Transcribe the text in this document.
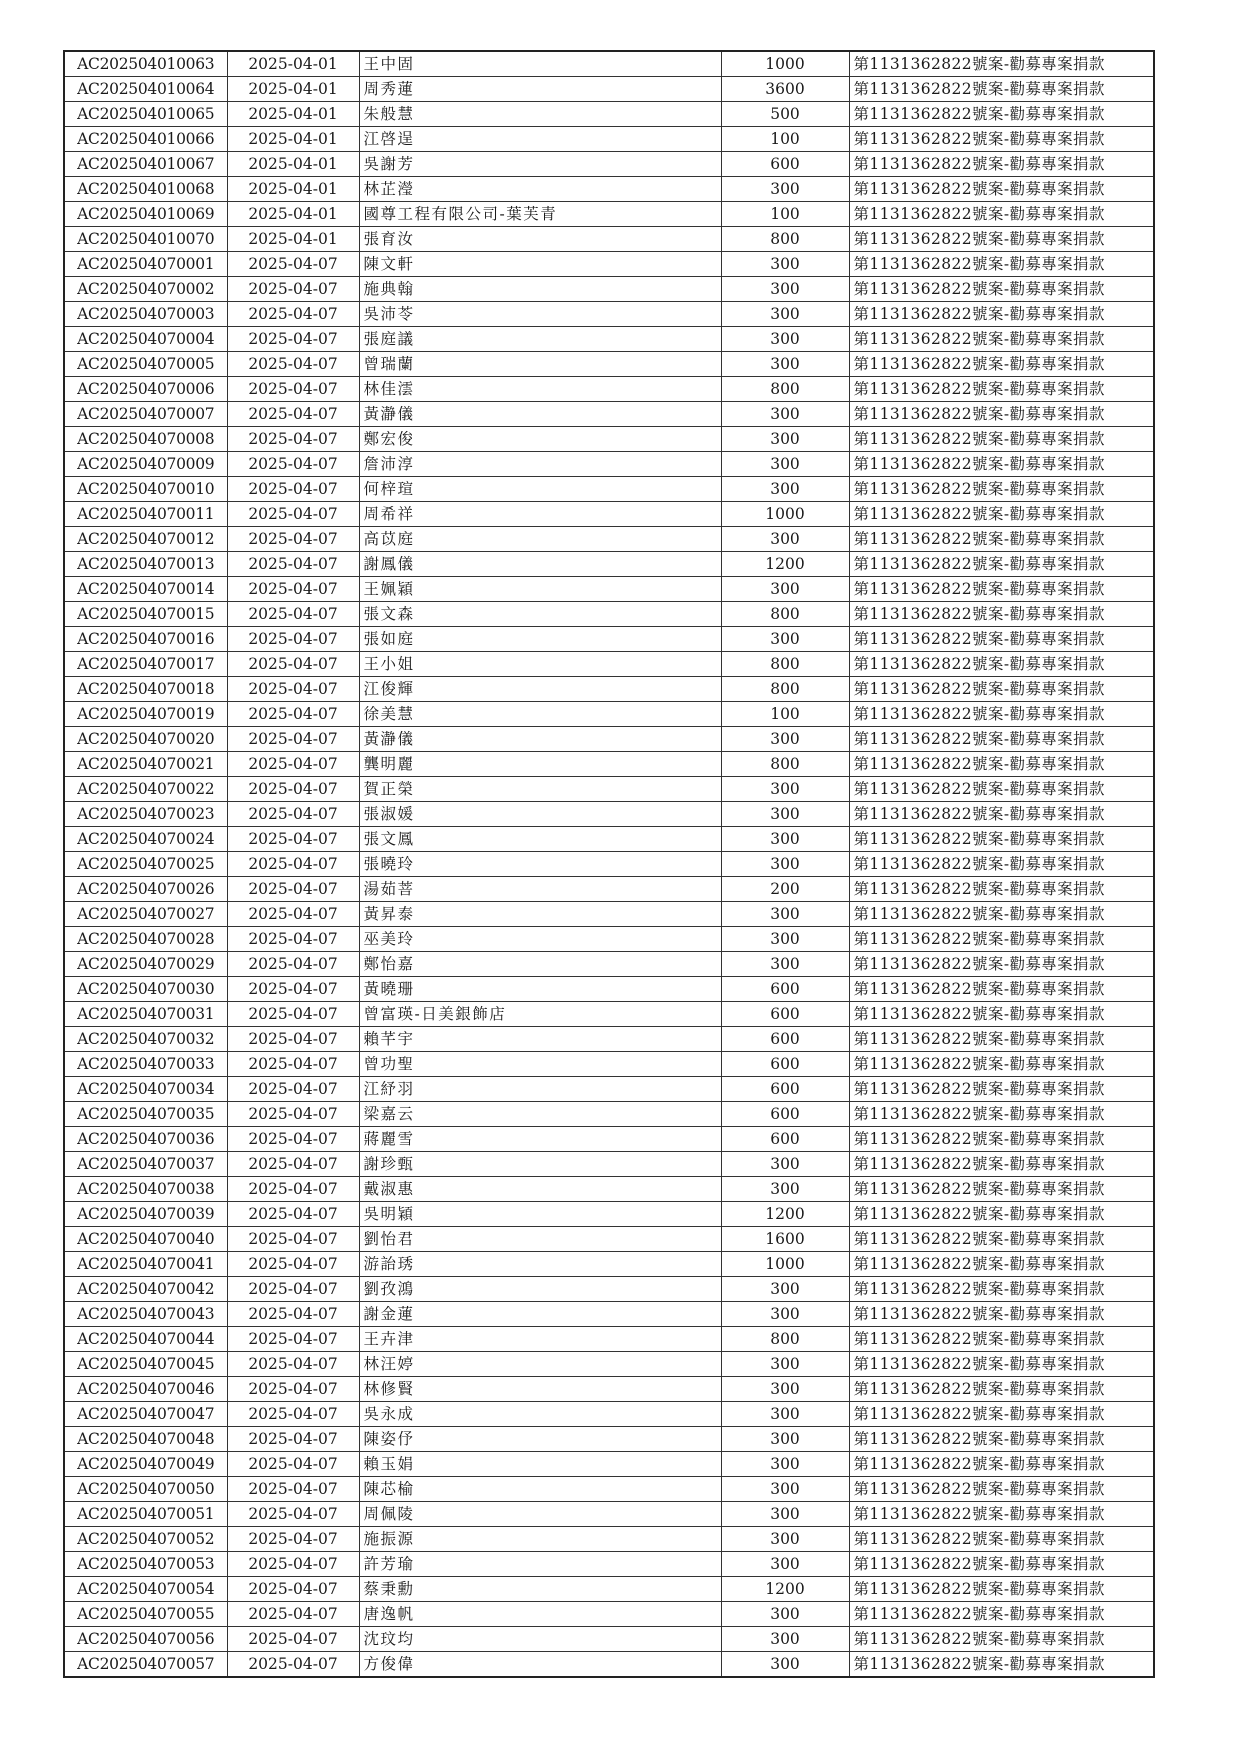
AC202504010063	2025-04-01	王中固	1000	第1131362822號案-勸募專案捐款
AC202504010064	2025-04-01	周秀蓮	3600	第1131362822號案-勸募專案捐款
AC202504010065	2025-04-01	朱般慧	500	第1131362822號案-勸募專案捐款
AC202504010066	2025-04-01	江啓逞	100	第1131362822號案-勸募專案捐款
AC202504010067	2025-04-01	吳謝芳	600	第1131362822號案-勸募專案捐款
AC202504010068	2025-04-01	林芷瀅	300	第1131362822號案-勸募專案捐款
AC202504010069	2025-04-01	國尊工程有限公司-葉芙青	100	第1131362822號案-勸募專案捐款
AC202504010070	2025-04-01	張育汝	800	第1131362822號案-勸募專案捐款
AC202504070001	2025-04-07	陳文軒	300	第1131362822號案-勸募專案捐款
AC202504070002	2025-04-07	施典翰	300	第1131362822號案-勸募專案捐款
AC202504070003	2025-04-07	吳沛苓	300	第1131362822號案-勸募專案捐款
AC202504070004	2025-04-07	張庭議	300	第1131362822號案-勸募專案捐款
AC202504070005	2025-04-07	曾瑞蘭	300	第1131362822號案-勸募專案捐款
AC202504070006	2025-04-07	林佳澐	800	第1131362822號案-勸募專案捐款
AC202504070007	2025-04-07	黃瀞儀	300	第1131362822號案-勸募專案捐款
AC202504070008	2025-04-07	鄭宏俊	300	第1131362822號案-勸募專案捐款
AC202504070009	2025-04-07	詹沛淳	300	第1131362822號案-勸募專案捐款
AC202504070010	2025-04-07	何梓瑄	300	第1131362822號案-勸募專案捐款
AC202504070011	2025-04-07	周希祥	1000	第1131362822號案-勸募專案捐款
AC202504070012	2025-04-07	高苡庭	300	第1131362822號案-勸募專案捐款
AC202504070013	2025-04-07	謝鳳儀	1200	第1131362822號案-勸募專案捐款
AC202504070014	2025-04-07	王姵穎	300	第1131362822號案-勸募專案捐款
AC202504070015	2025-04-07	張文森	800	第1131362822號案-勸募專案捐款
AC202504070016	2025-04-07	張如庭	300	第1131362822號案-勸募專案捐款
AC202504070017	2025-04-07	王小姐	800	第1131362822號案-勸募專案捐款
AC202504070018	2025-04-07	江俊輝	800	第1131362822號案-勸募專案捐款
AC202504070019	2025-04-07	徐美慧	100	第1131362822號案-勸募專案捐款
AC202504070020	2025-04-07	黃瀞儀	300	第1131362822號案-勸募專案捐款
AC202504070021	2025-04-07	龔明麗	800	第1131362822號案-勸募專案捐款
AC202504070022	2025-04-07	賀正榮	300	第1131362822號案-勸募專案捐款
AC202504070023	2025-04-07	張淑媛	300	第1131362822號案-勸募專案捐款
AC202504070024	2025-04-07	張文鳳	300	第1131362822號案-勸募專案捐款
AC202504070025	2025-04-07	張曉玲	300	第1131362822號案-勸募專案捐款
AC202504070026	2025-04-07	湯茹菩	200	第1131362822號案-勸募專案捐款
AC202504070027	2025-04-07	黃昇泰	300	第1131362822號案-勸募專案捐款
AC202504070028	2025-04-07	巫美玲	300	第1131362822號案-勸募專案捐款
AC202504070029	2025-04-07	鄭怡嘉	300	第1131362822號案-勸募專案捐款
AC202504070030	2025-04-07	黃曉珊	600	第1131362822號案-勸募專案捐款
AC202504070031	2025-04-07	曾富瑛-日美銀飾店	600	第1131362822號案-勸募專案捐款
AC202504070032	2025-04-07	賴芊宇	600	第1131362822號案-勸募專案捐款
AC202504070033	2025-04-07	曾功聖	600	第1131362822號案-勸募專案捐款
AC202504070034	2025-04-07	江紓羽	600	第1131362822號案-勸募專案捐款
AC202504070035	2025-04-07	梁嘉云	600	第1131362822號案-勸募專案捐款
AC202504070036	2025-04-07	蔣麗雪	600	第1131362822號案-勸募專案捐款
AC202504070037	2025-04-07	謝珍甄	300	第1131362822號案-勸募專案捐款
AC202504070038	2025-04-07	戴淑惠	300	第1131362822號案-勸募專案捐款
AC202504070039	2025-04-07	吳明穎	1200	第1131362822號案-勸募專案捐款
AC202504070040	2025-04-07	劉怡君	1600	第1131362822號案-勸募專案捐款
AC202504070041	2025-04-07	游詒琇	1000	第1131362822號案-勸募專案捐款
AC202504070042	2025-04-07	劉孜鴻	300	第1131362822號案-勸募專案捐款
AC202504070043	2025-04-07	謝金蓮	300	第1131362822號案-勸募專案捐款
AC202504070044	2025-04-07	王卉津	800	第1131362822號案-勸募專案捐款
AC202504070045	2025-04-07	林汪婷	300	第1131362822號案-勸募專案捐款
AC202504070046	2025-04-07	林修賢	300	第1131362822號案-勸募專案捐款
AC202504070047	2025-04-07	吳永成	300	第1131362822號案-勸募專案捐款
AC202504070048	2025-04-07	陳姿伃	300	第1131362822號案-勸募專案捐款
AC202504070049	2025-04-07	賴玉娟	300	第1131362822號案-勸募專案捐款
AC202504070050	2025-04-07	陳芯榆	300	第1131362822號案-勸募專案捐款
AC202504070051	2025-04-07	周佩陵	300	第1131362822號案-勸募專案捐款
AC202504070052	2025-04-07	施振源	300	第1131362822號案-勸募專案捐款
AC202504070053	2025-04-07	許芳瑜	300	第1131362822號案-勸募專案捐款
AC202504070054	2025-04-07	蔡秉勳	1200	第1131362822號案-勸募專案捐款
AC202504070055	2025-04-07	唐逸帆	300	第1131362822號案-勸募專案捐款
AC202504070056	2025-04-07	沈玟均	300	第1131362822號案-勸募專案捐款
AC202504070057	2025-04-07	方俊偉	300	第1131362822號案-勸募專案捐款
